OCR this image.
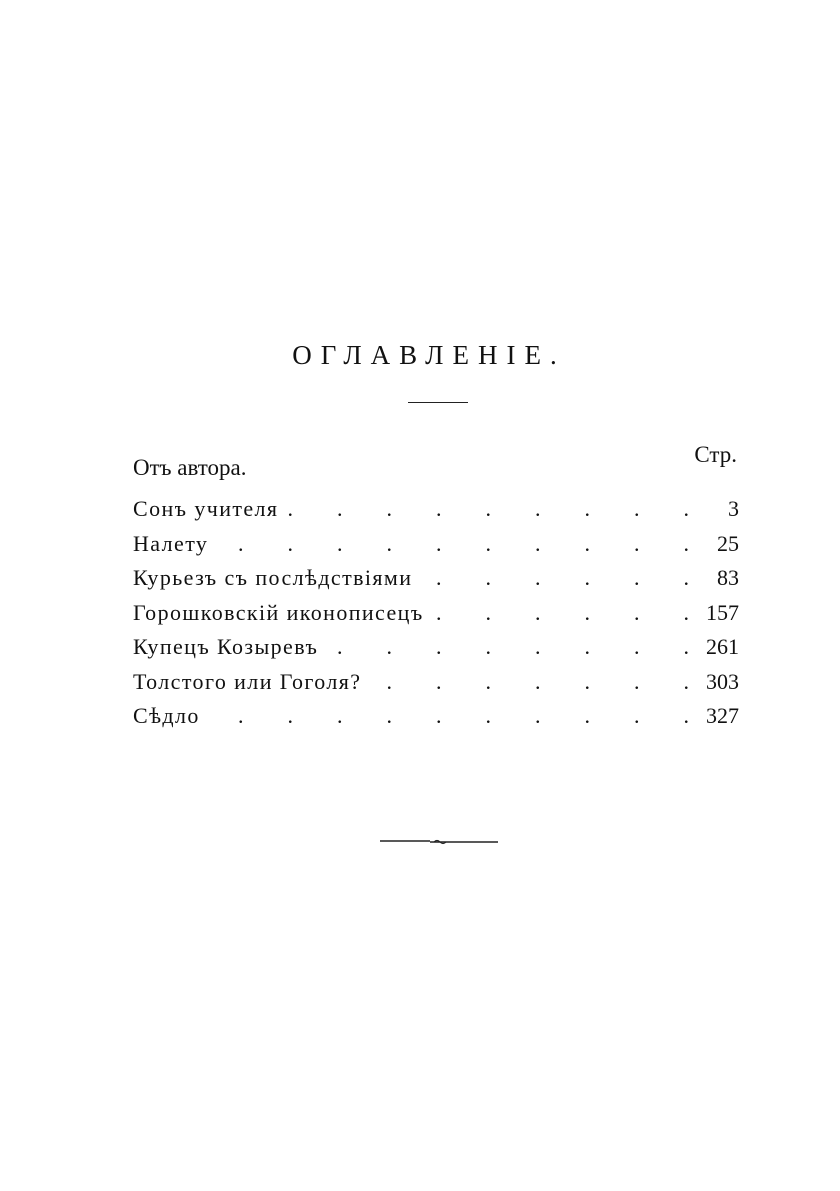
ОГЛАВЛЕНІЕ.
Отъ автора.
Стр.
Сонъ учителя .	3
Налету .	25
Курьезъ съ послѣдствіями .	83
Горошковскій иконописецъ .	157
Купецъ Козыревъ .	261
Толстого или Гоголя? .	303
Сѣдло .	327
